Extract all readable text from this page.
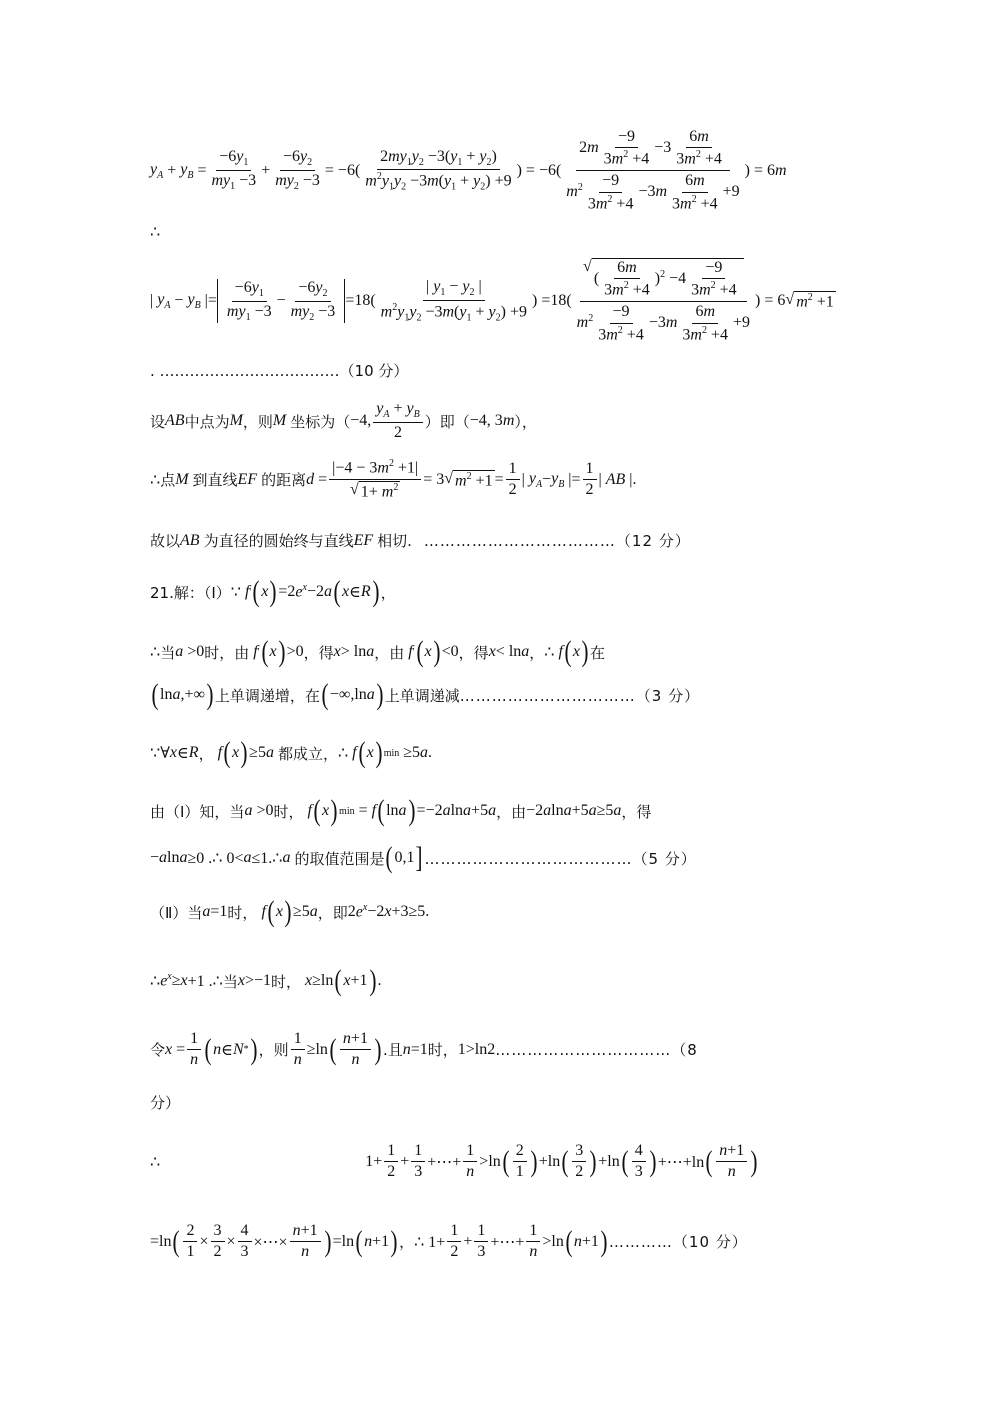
$y_A + y_B = \frac{-6y_1}{my_1 -3} + \frac{-6y_2}{my_2 -3} = -6( \frac{2my_1y_2 -3(y_1 + y_2)}{m^2y_1y_2 -3m(y_1 + y_2) +9}$ ) = $-6( \frac{2m \frac{-9}{3m^2 +4} -3 \frac{6m}{3m^2 +4}}{m^2 \frac{-9}{3m^2 +4} -3m \frac{6m}{3m^2 +4} +9}$ ) = 6 m
∴
| $y_A - y_B$ |= $\frac{-6y_1}{my_1 -3} - \frac{-6y_2}{my_2 -3} =18( \frac{| y_1 - y_2 |}{m^2y_1y_2 -3m(y_1 + y_2) +9}$ ) =18( √
( $\frac{6m}{3m^2 +4} )^2 -4 \frac{-9}{3m^2 +4}$
$m^2 \frac{-9}{3m^2 +4} -3m \frac{6m}{3m^2 +4} +9$ ) = 6 √ $m^2 +1$
. ………………………………（10 分）
设 AB 中点为 M ，则 M
坐标为（ −4, $\frac{y_A + y_B}{2}$ ）即（ −4, 3 m ），
∴ 点 M
到直线 EF
的距离 $d = \frac{|-4 - 3m^2 +1|}{√ 1+ m^2} = 3$ √ $m^2 +1 = \frac{1}{2}$ | $y_A - y_B$ |= $\frac{1}{2}$ | AB |.
故以 AB
为直径的圆始终与直线 EF
相切.
………………………………（12 分）
21.解：（Ⅰ） ∵
f ' ( x ) =2 $e^x -2$ a ( x ∈ R ) ，
∴ 当 a >0 时，由
f ' ( x ) >0 ，得 x > ln a ，由
f ' ( x ) <0 ，得 x < ln a ， ∴
f ( x ) 在
( ln a ,+∞ ) 上单调递增，在 ( −∞,ln a ) 上单调递减 ……………………………（3 分）
∵ ∀ x ∈ R ，
f ( x ) ≥5 a
都成立， ∴
f ( x ) min ≥5 a .
由（Ⅰ）知，当 a >0 时，
f ( x ) min = f ( ln a ) =−2 a ln a +5 a ，由 −2 a ln a +5 a ≥5 a ，得
− a ln a ≥0 .∴ 0< a ≤1.∴ a
的取值范围是 ( 0,1 ] …………………………………（5 分）
（Ⅱ）当 a =1 时，
f ( x ) ≥5 a ，即 2 $e^x -2$ x +3≥5.
∴ $e^x \ge x +1$ .∴ 当 x >−1 时，
x ≥ln ( x +1 ) .
令 $x = \frac{1}{n}$ ( n ∈ N * ) ，则 $\frac{1}{n} \ge\ln$ ( $\frac{n+1}{n}$ ) .且 n =1 时， 1>ln2 ……………………………（8
分）
∴	$1+ \frac{1}{2} + \frac{1}{3}$ +⋯+ $\frac{1}{n} >\ln$ ( $\frac{2}{1}$ ) +ln ( $\frac{3}{2}$ ) +ln ( $\frac{4}{3}$ ) +⋯+ln ( $\frac{n+1}{n}$ )
=ln ( $\frac{2}{1} \times \frac{3}{2} \times \frac{4}{3}$ ×⋯× $\frac{n+1}{n}$ ) =ln ( n +1 ) ， ∴ $1+ \frac{1}{2} + \frac{1}{3}$ +⋯+ $\frac{1}{n} >\ln$ ( n +1 ) …………（10 分）
